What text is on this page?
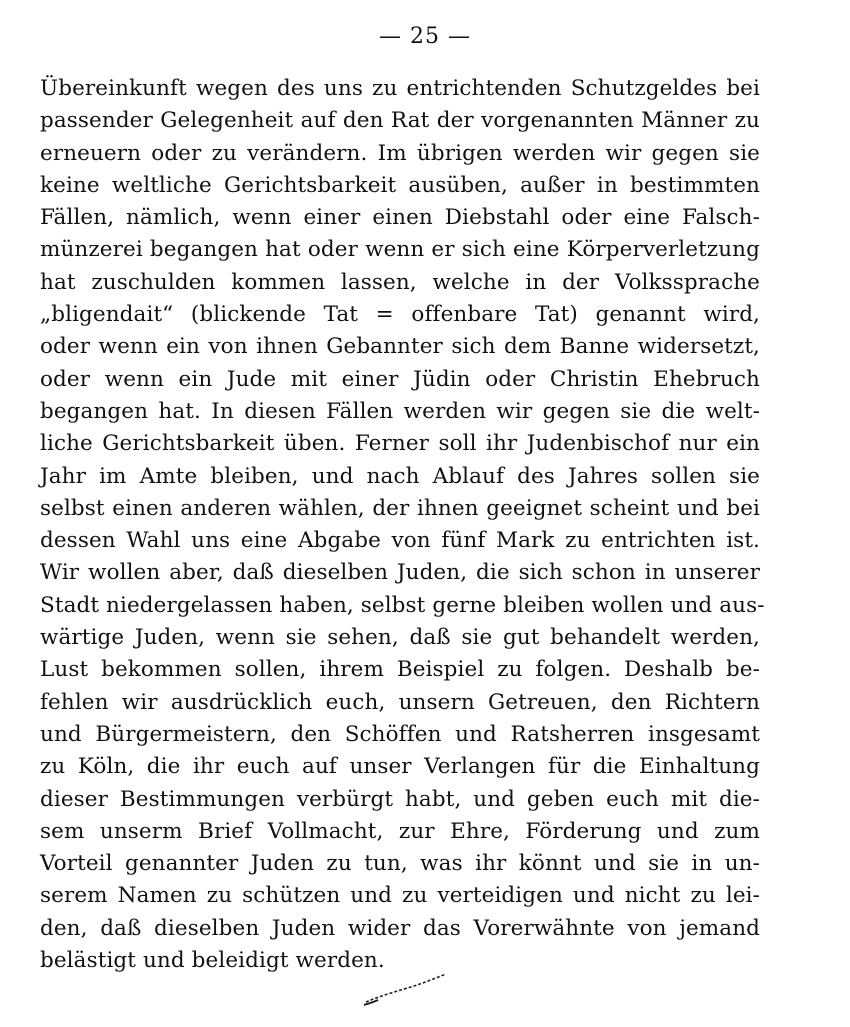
— 25 —
Übereinkunft wegen des uns zu entrichtenden Schutzgeldes bei
passender Gelegenheit auf den Rat der vorgenannten Männer zu
erneuern oder zu verändern. Im übrigen werden wir gegen sie
keine weltliche Gerichtsbarkeit ausüben, außer in bestimmten
Fällen, nämlich, wenn einer einen Diebstahl oder eine Falsch-
münzerei begangen hat oder wenn er sich eine Körperverletzung
hat zuschulden kommen lassen, welche in der Volkssprache
„bligendait“ (blickende Tat = offenbare Tat) genannt wird,
oder wenn ein von ihnen Gebannter sich dem Banne widersetzt,
oder wenn ein Jude mit einer Jüdin oder Christin Ehebruch
begangen hat. In diesen Fällen werden wir gegen sie die welt-
liche Gerichtsbarkeit üben. Ferner soll ihr Judenbischof nur ein
Jahr im Amte bleiben, und nach Ablauf des Jahres sollen sie
selbst einen anderen wählen, der ihnen geeignet scheint und bei
dessen Wahl uns eine Abgabe von fünf Mark zu entrichten ist.
Wir wollen aber, daß dieselben Juden, die sich schon in unserer
Stadt niedergelassen haben, selbst gerne bleiben wollen und aus-
wärtige Juden, wenn sie sehen, daß sie gut behandelt werden,
Lust bekommen sollen, ihrem Beispiel zu folgen. Deshalb be-
fehlen wir ausdrücklich euch, unsern Getreuen, den Richtern
und Bürgermeistern, den Schöffen und Ratsherren insgesamt
zu Köln, die ihr euch auf unser Verlangen für die Einhaltung
dieser Bestimmungen verbürgt habt, und geben euch mit die-
sem unserm Brief Vollmacht, zur Ehre, Förderung und zum
Vorteil genannter Juden zu tun, was ihr könnt und sie in un-
serem Namen zu schützen und zu verteidigen und nicht zu lei-
den, daß dieselben Juden wider das Vorerwähnte von jemand
belästigt und beleidigt werden.
